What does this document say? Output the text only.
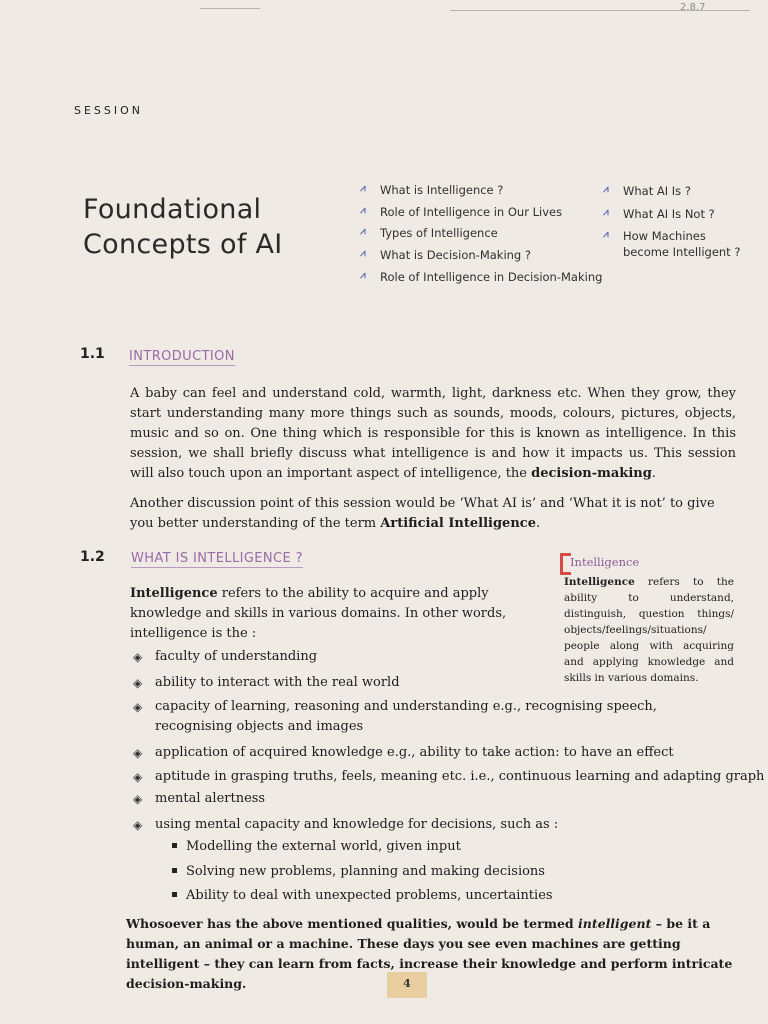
2.8.7
SESSION
Foundational
Concepts of AI
⩘	What is Intelligence ?
⩘	Role of Intelligence in Our Lives
⩘	Types of Intelligence
⩘	What is Decision-Making ?
⩘	Role of Intelligence in Decision-Making
⩘	What AI Is ?
⩘	What AI Is Not ?
⩘	How Machines
become Intelligent ?
1.1 INTRODUCTION
A baby can feel and understand cold, warmth, light, darkness etc. When they grow, they start understanding many more things such as sounds, moods, colours, pictures, objects, music and so on. One thing which is responsible for this is known as intelligence. In this session, we shall briefly discuss what intelligence is and how it impacts us. This session will also touch upon an important aspect of intelligence, the decision-making.
Another discussion point of this session would be ‘What AI is’ and ‘What it is not’ to give you better understanding of the term Artificial Intelligence.
1.2 WHAT IS INTELLIGENCE ?
Intelligence refers to the ability to acquire and apply knowledge and skills in various domains. In other words, intelligence is the :
◈ faculty of understanding
◈ ability to interact with the real world
◈ capacity of learning, reasoning and understanding e.g., recognising speech, recognising objects and images
◈ application of acquired knowledge e.g., ability to take action: to have an effect
◈ aptitude in grasping truths, feels, meaning etc. i.e., continuous learning and adapting graph
◈ mental alertness
◈ using mental capacity and knowledge for decisions, such as :
Modelling the external world, given input
Solving new problems, planning and making decisions
Ability to deal with unexpected problems, uncertainties
Whosoever has the above mentioned qualities, would be termed intelligent – be it a human, an animal or a machine. These days you see even machines are getting intelligent – they can learn from facts, increase their knowledge and perform intricate decision-making.
Intelligence
Intelligence refers to the ability to understand, distinguish, question things/ objects/feelings/situations/ people along with acquiring and applying knowledge and skills in various domains.
4
